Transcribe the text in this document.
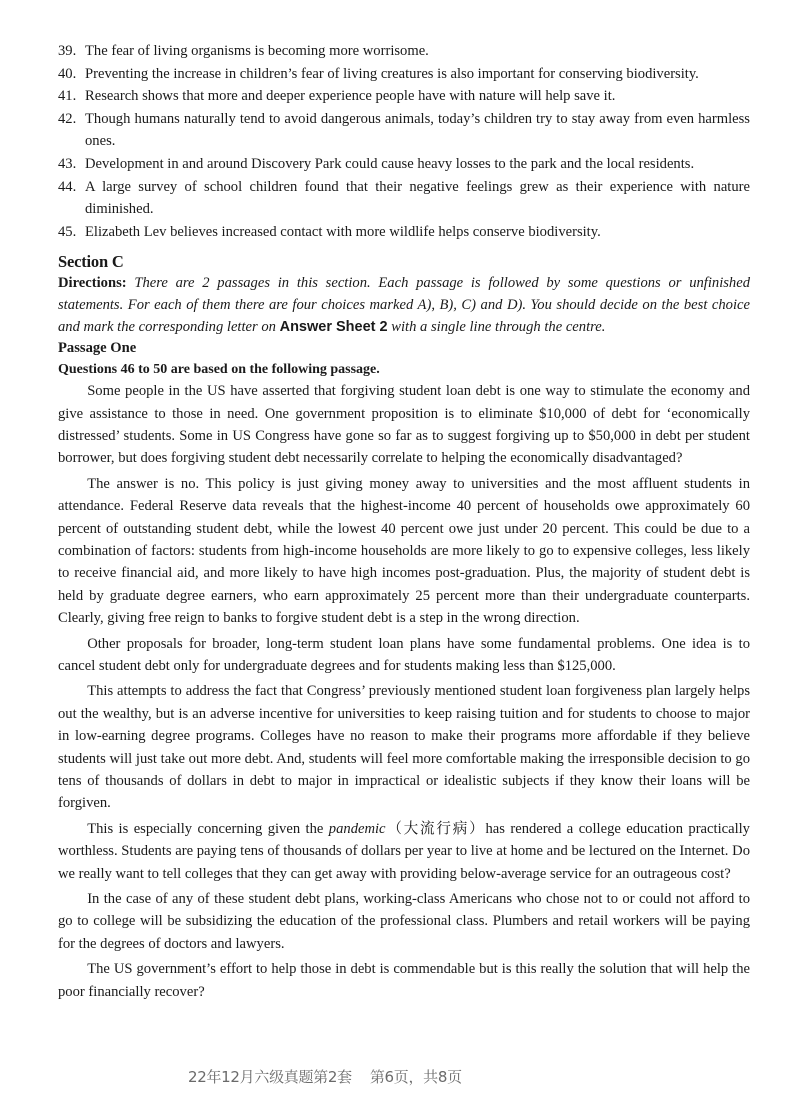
39. The fear of living organisms is becoming more worrisome.
40. Preventing the increase in children’s fear of living creatures is also important for conserving biodiversity.
41. Research shows that more and deeper experience people have with nature will help save it.
42. Though humans naturally tend to avoid dangerous animals, today’s children try to stay away from even harmless ones.
43. Development in and around Discovery Park could cause heavy losses to the park and the local residents.
44. A large survey of school children found that their negative feelings grew as their experience with nature diminished.
45. Elizabeth Lev believes increased contact with more wildlife helps conserve biodiversity.
Section C
Directions: There are 2 passages in this section. Each passage is followed by some questions or unfinished statements. For each of them there are four choices marked A), B), C) and D). You should decide on the best choice and mark the corresponding letter on Answer Sheet 2 with a single line through the centre.
Passage One
Questions 46 to 50 are based on the following passage.

Some people in the US have asserted that forgiving student loan debt is one way to stimulate the economy and give assistance to those in need. One government proposition is to eliminate $10,000 of debt for ‘economically distressed’ students. Some in US Congress have gone so far as to suggest forgiving up to $50,000 in debt per student borrower, but does forgiving student debt necessarily correlate to helping the economically disadvantaged?

The answer is no. This policy is just giving money away to universities and the most affluent students in attendance. Federal Reserve data reveals that the highest-income 40 percent of households owe approximately 60 percent of outstanding student debt, while the lowest 40 percent owe just under 20 percent. This could be due to a combination of factors: students from high-income households are more likely to go to expensive colleges, less likely to receive financial aid, and more likely to have high incomes post-graduation. Plus, the majority of student debt is held by graduate degree earners, who earn approximately 25 percent more than their undergraduate counterparts. Clearly, giving free reign to banks to forgive student debt is a step in the wrong direction.

Other proposals for broader, long-term student loan plans have some fundamental problems. One idea is to cancel student debt only for undergraduate degrees and for students making less than $125,000.

This attempts to address the fact that Congress’ previously mentioned student loan forgiveness plan largely helps out the wealthy, but is an adverse incentive for universities to keep raising tuition and for students to choose to major in low-earning degree programs. Colleges have no reason to make their programs more affordable if they believe students will just take out more debt. And, students will feel more comfortable making the irresponsible decision to go tens of thousands of dollars in debt to major in impractical or idealistic subjects if they know their loans will be forgiven.

This is especially concerning given the pandemic（大流行病）has rendered a college education practically worthless. Students are paying tens of thousands of dollars per year to live at home and be lectured on the Internet. Do we really want to tell colleges that they can get away with providing below-average service for an outrageous cost?

In the case of any of these student debt plans, working-class Americans who chose not to or could not afford to go to college will be subsidizing the education of the professional class. Plumbers and retail workers will be paying for the degrees of doctors and lawyers.

The US government’s effort to help those in debt is commendable but is this really the solution that will help the poor financially recover?

22年12月六级真题第2套 第6页，共8页
